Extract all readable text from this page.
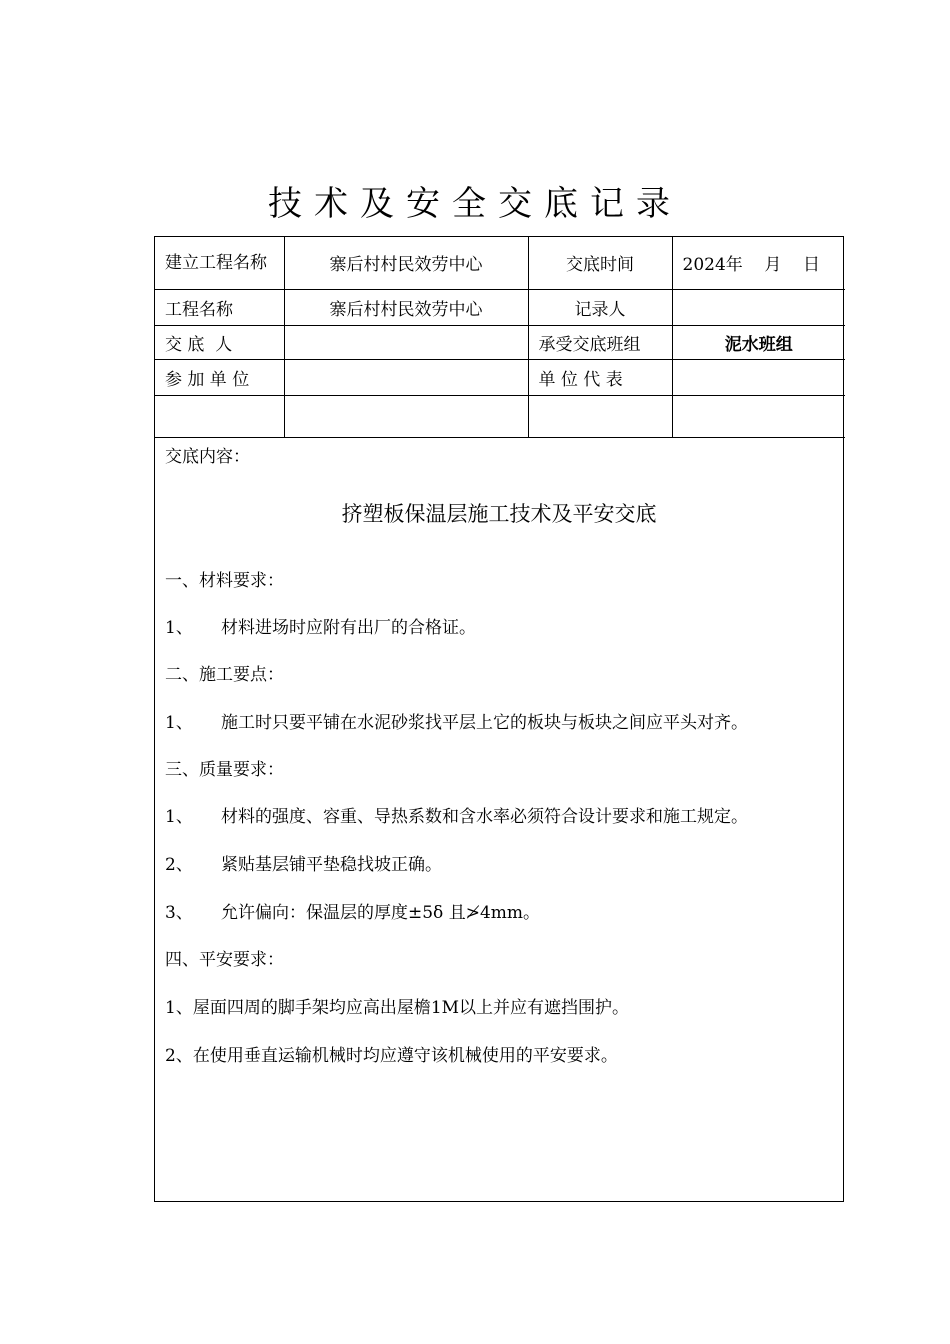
技术及安全交底记录
建立工程名称	寨后村村民效劳中心	交底时间	2024年    月    日
工程名称	寨后村村民效劳中心	记录人	
交 底  人		承受交底班组	泥水班组
参 加 单 位		单 位 代 表	

交底内容：
挤塑板保温层施工技术及平安交底
一、材料要求：
1、 材料进场时应附有出厂的合格证。
二、施工要点：
1、 施工时只要平铺在水泥砂浆找平层上它的板块与板块之间应平头对齐。
三、质量要求：
1、 材料的强度、容重、导热系数和含水率必须符合设计要求和施工规定。
2、 紧贴基层铺平垫稳找坡正确。
3、 允许偏向：保温层的厚度±5δ 且≯4mm。
四、平安要求：
1、屋面四周的脚手架均应高出屋檐1M以上并应有遮挡围护。
2、在使用垂直运输机械时均应遵守该机械使用的平安要求。
